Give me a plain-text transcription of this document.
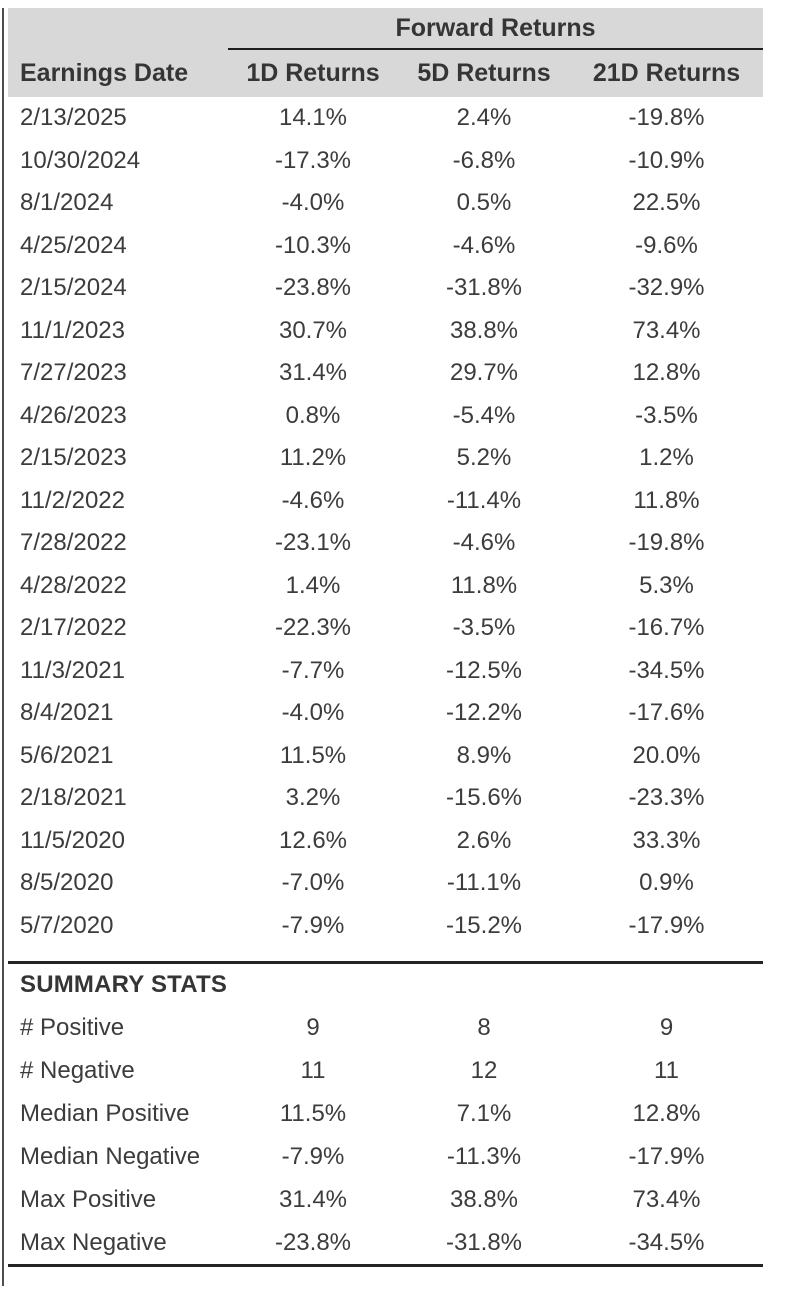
Forward Returns
Earnings Date	1D Returns	5D Returns	21D Returns
2/13/2025	14.1%	2.4%	-19.8%
10/30/2024	-17.3%	-6.8%	-10.9%
8/1/2024	-4.0%	0.5%	22.5%
4/25/2024	-10.3%	-4.6%	-9.6%
2/15/2024	-23.8%	-31.8%	-32.9%
11/1/2023	30.7%	38.8%	73.4%
7/27/2023	31.4%	29.7%	12.8%
4/26/2023	0.8%	-5.4%	-3.5%
2/15/2023	11.2%	5.2%	1.2%
11/2/2022	-4.6%	-11.4%	11.8%
7/28/2022	-23.1%	-4.6%	-19.8%
4/28/2022	1.4%	11.8%	5.3%
2/17/2022	-22.3%	-3.5%	-16.7%
11/3/2021	-7.7%	-12.5%	-34.5%
8/4/2021	-4.0%	-12.2%	-17.6%
5/6/2021	11.5%	8.9%	20.0%
2/18/2021	3.2%	-15.6%	-23.3%
11/5/2020	12.6%	2.6%	33.3%
8/5/2020	-7.0%	-11.1%	0.9%
5/7/2020	-7.9%	-15.2%	-17.9%
SUMMARY STATS
# Positive	9	8	9
# Negative	11	12	11
Median Positive	11.5%	7.1%	12.8%
Median Negative	-7.9%	-11.3%	-17.9%
Max Positive	31.4%	38.8%	73.4%
Max Negative	-23.8%	-31.8%	-34.5%
